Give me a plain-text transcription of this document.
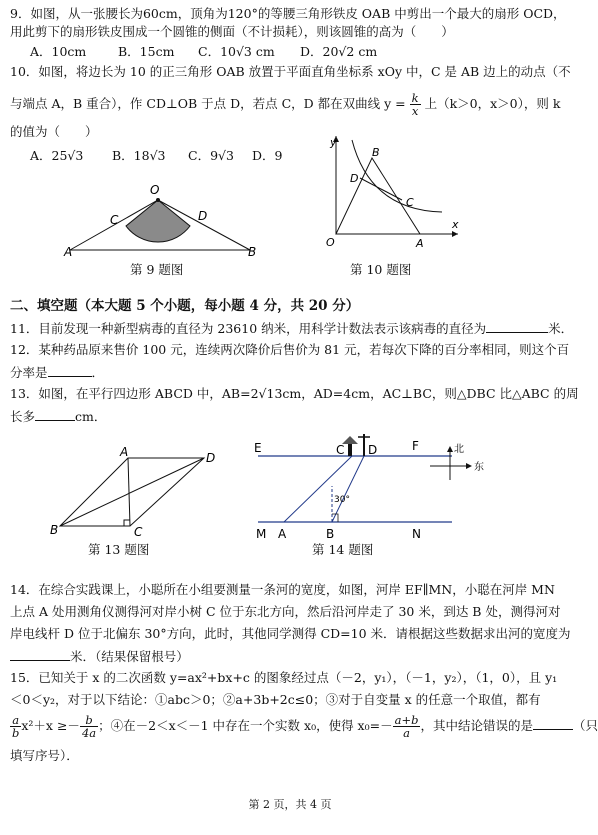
9．如图，从一张腰长为60cm，顶角为120°的等腰三角形铁皮 OAB 中剪出一个最大的扇形 OCD，
用此剪下的扇形铁皮围成一个圆锥的侧面（不计损耗），则该圆锥的高为（　　）
A．10cm	B．15cm C．10√3 cm D．20√2 cm
10．如图，将边长为 10 的正三角形 OAB 放置于平面直角坐标系 xOy 中，C 是 AB 边上的动点（不
与端点 A，B 重合），作 CD⊥OB 于点 D，若点 C，D 都在双曲线 $y = \frac{k}{x}$ 上（k＞0，x＞0），则 k
的值为（　　）
A．25√3 B．18√3 C．9√3 D．9
O
C	D
A	B
第 9 题图
y
x
O	A
B
C
D
第 10 题图
二、填空题（本大题 5 个小题，每小题 4 分，共 20 分）
11．目前发现一种新型病毒的直径为 23610 纳米，用科学计数法表示该病毒的直径为	米．
12．某种药品原来售价 100 元，连续两次降价后售价为 81 元，若每次下降的百分率相同，则这个百
分率是	．
13．如图，在平行四边形 ABCD 中，AB=2√13cm，AD=4cm，AC⊥BC，则△DBC 比△ABC 的周
长多	cm．
A	D
B	C
第 13 题图
E	F
C D
M A	B	N
30°
北
东
第 14 题图
14．在综合实践课上，小聪所在小组要测量一条河的宽度，如图，河岸 EF∥MN，小聪在河岸 MN
上点 A 处用测角仪测得河对岸小树 C 位于东北方向，然后沿河岸走了 30 米，到达 B 处，测得河对
岸电线杆 D 位于北偏东 30°方向，此时，其他同学测得 CD=10 米．请根据这些数据求出河的宽度为
米．（结果保留根号）
15．已知关于 x 的二次函数 y=ax²+bx+c 的图象经过点（－2，y₁），（－1，y₂），（1，0），且 y₁
＜0＜y₂，对于以下结论：①abc＞0；②a+3b+2c≤0；③对于自变量 x 的任意一个取值，都有
$\frac{a}{b} x^2+x \ge- \frac{b}{4a}$ ；④在－2＜x＜－1 中存在一个实数 x₀，使得 $x_0=- \frac{a+b}{a}$ ，其中结论错误的是	（只
填写序号）．
第 2 页，共 4 页
